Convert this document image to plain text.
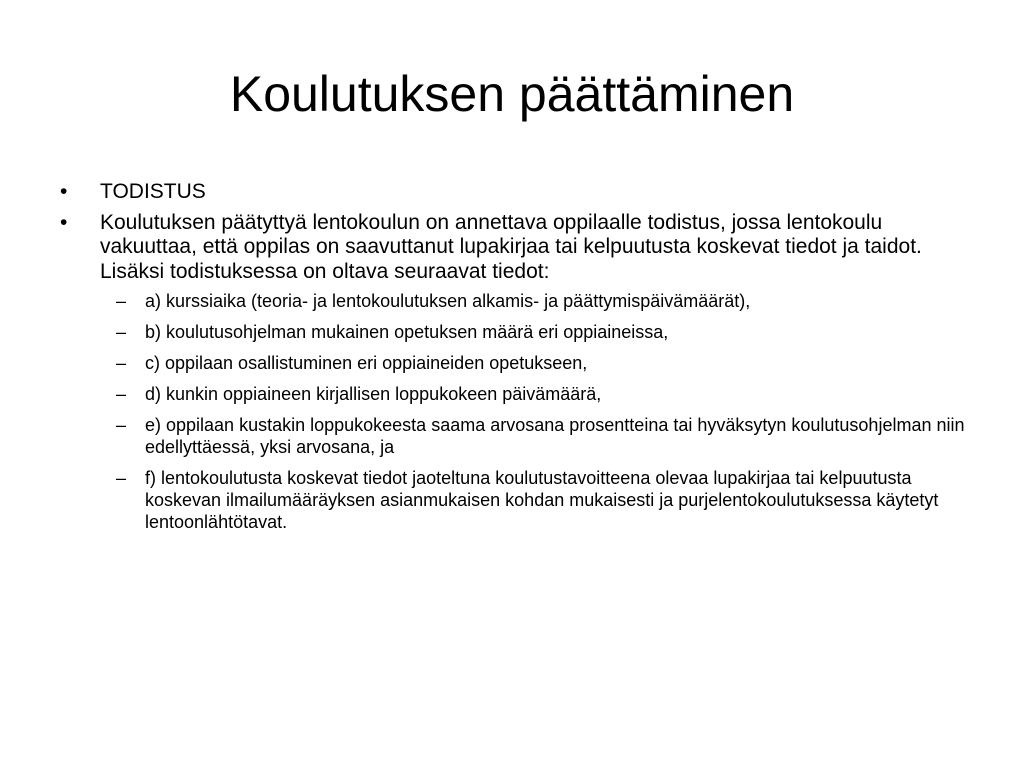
Koulutuksen päättäminen
• TODISTUS
• Koulutuksen päätyttyä lentokoulun on annettava oppilaalle todistus, jossa lentokoulu vakuuttaa, että oppilas on saavuttanut lupakirjaa tai kelpuutusta koskevat tiedot ja taidot. Lisäksi todistuksessa on oltava seuraavat tiedot:
– a) kurssiaika (teoria- ja lentokoulutuksen alkamis- ja päättymispäivämäärät),
– b) koulutusohjelman mukainen opetuksen määrä eri oppiaineissa,
– c) oppilaan osallistuminen eri oppiaineiden opetukseen,
– d) kunkin oppiaineen kirjallisen loppukokeen päivämäärä,
– e) oppilaan kustakin loppukokeesta saama arvosana prosentteina tai hyväksytyn koulutusohjelman niin edellyttäessä, yksi arvosana, ja
– f) lentokoulutusta koskevat tiedot jaoteltuna koulutustavoitteena olevaa lupakirjaa tai kelpuutusta koskevan ilmailumääräyksen asianmukaisen kohdan mukaisesti ja purjelentokoulutuksessa käytetyt lentoonlähtötavat.
